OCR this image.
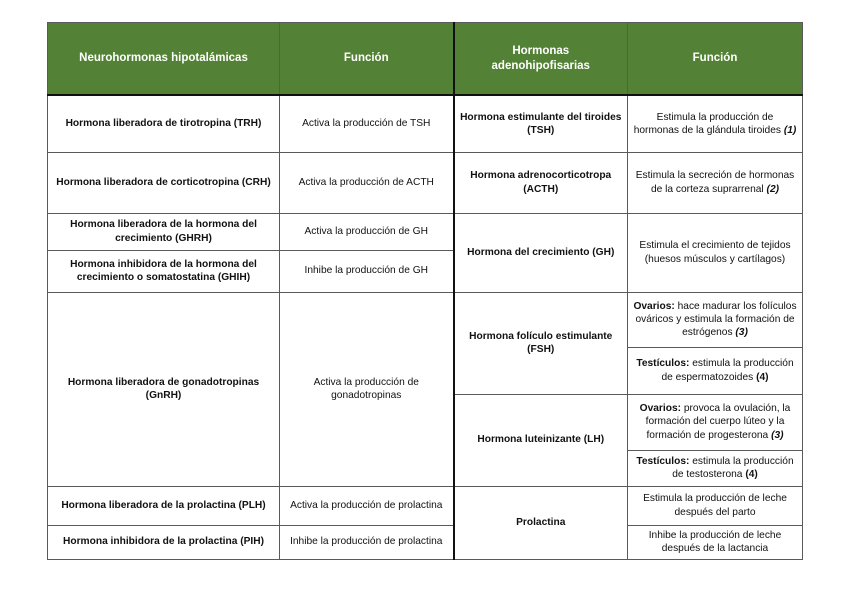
Neurohormonas hipotalámicas	Función	Hormonas adenohipofisarias	Función
Hormona liberadora de tirotropina (TRH)	Activa la producción de TSH	Hormona estimulante del tiroides (TSH)	Estimula la producción de hormonas de la glándula tiroides (1)
Hormona liberadora de corticotropina (CRH)	Activa la producción de ACTH	Hormona adrenocorticotropa (ACTH)	Estimula la secreción de hormonas de la corteza suprarrenal (2)
Hormona liberadora de la hormona del crecimiento (GHRH)	Activa la producción de GH	Hormona del crecimiento (GH)	Estimula el crecimiento de tejidos (huesos músculos y cartílagos)
Hormona inhibidora de la hormona del crecimiento o somatostatina (GHIH)	Inhibe la producción de GH		
Hormona liberadora de gonadotropinas (GnRH)	Activa la producción de gonadotropinas	Hormona folículo estimulante (FSH)	Ovarios: hace madurar los folículos ováricos y estimula la formación de estrógenos (3)
			Testículos: estimula la producción de espermatozoides (4)
		Hormona luteinizante (LH)	Ovarios: provoca la ovulación, la formación del cuerpo lúteo y la formación de progesterona (3)
			Testículos: estimula la producción de testosterona (4)
Hormona liberadora de la prolactina (PLH)	Activa la producción de prolactina	Prolactina	Estimula la producción de leche después del parto
Hormona inhibidora de la prolactina (PIH)	Inhibe la producción de prolactina		Inhibe la producción de leche después de la lactancia
